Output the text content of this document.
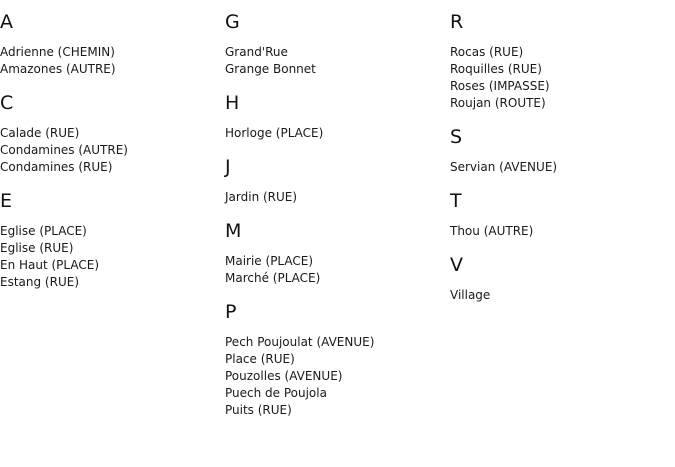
A
Adrienne (CHEMIN)
Amazones (AUTRE)
C
Calade (RUE)
Condamines (AUTRE)
Condamines (RUE)
E
Eglise (PLACE)
Eglise (RUE)
En Haut (PLACE)
Estang (RUE)
G
Grand'Rue
Grange Bonnet
H
Horloge (PLACE)
J
Jardin (RUE)
M
Mairie (PLACE)
Marché (PLACE)
P
Pech Poujoulat (AVENUE)
Place (RUE)
Pouzolles (AVENUE)
Puech de Poujola
Puits (RUE)
R
Rocas (RUE)
Roquilles (RUE)
Roses (IMPASSE)
Roujan (ROUTE)
S
Servian (AVENUE)
T
Thou (AUTRE)
V
Village
